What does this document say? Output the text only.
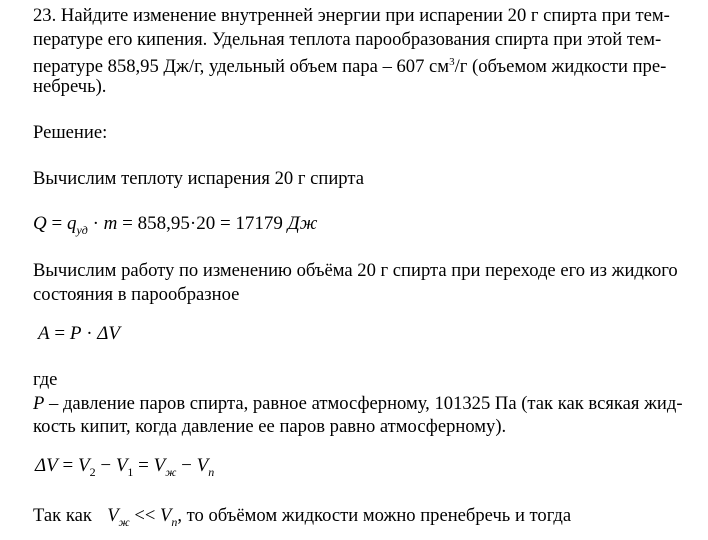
23. Найдите изменение внутренней энергии при испарении 20 г спирта при тем-
пературе его кипения. Удельная теплота парообразования спирта при этой тем-
пературе 858,95 Дж/г, удельный объем пара – 607 $см^3/г$ (объемом жидкости пре-
небречь).
Решение:
Вычислим теплоту испарения 20 г спирта
$Q = q_{уд} \cdot m = 858,95\cdot 20 = 17179$ Дж
Вычислим работу по изменению объёма 20 г спирта при переходе его из жидкого
состояния в парообразное
A = P · ΔV
где
P – давление паров спирта, равное атмосферному, 101325 Па (так как всякая жид-
кость кипит, когда давление ее паров равно атмосферному).
$\Delta V = V_2 - V_1 = V_ж - V_п$
Так как $V_ж << V_п$, то объёмом жидкости можно пренебречь и тогда
